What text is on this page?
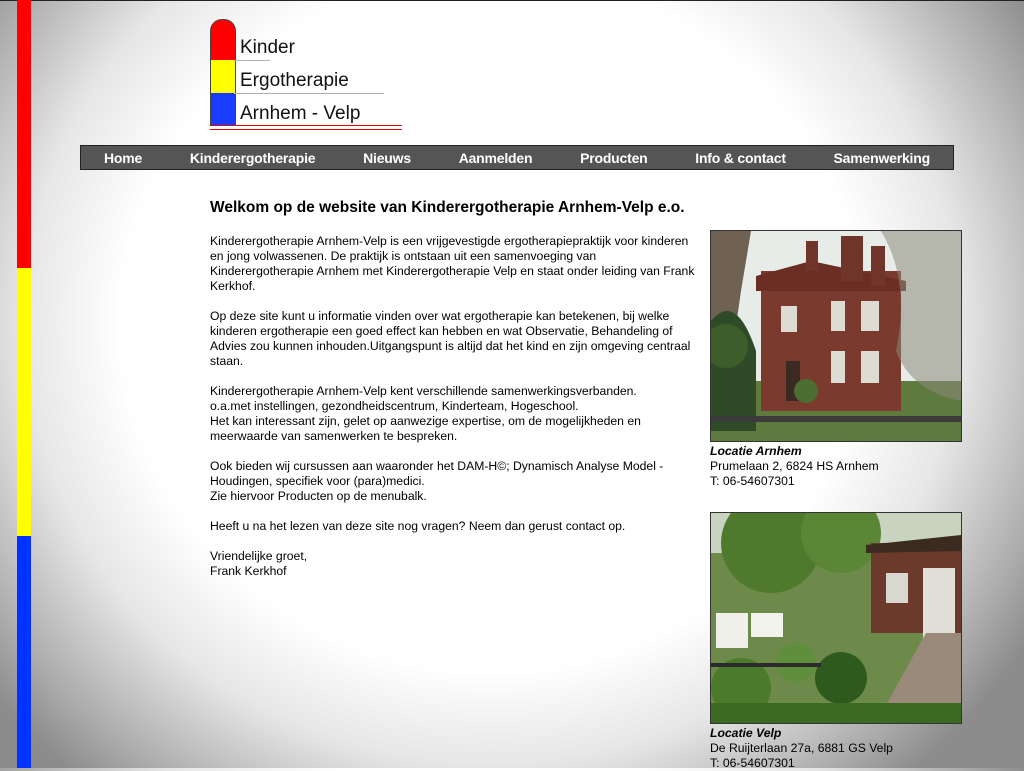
Kinder
Ergotherapie
Arnhem - Velp
Home	Kinderergotherapie	Nieuws	Aanmelden	Producten	Info & contact	Samenwerking
Welkom op de website van Kinderergotherapie Arnhem-Velp e.o.

Kinderergotherapie Arnhem-Velp is een vrijgevestigde ergotherapiepraktijk voor kinderen en jong volwassenen. De praktijk is ontstaan uit een samenvoeging van Kinderergotherapie Arnhem met Kinderergotherapie Velp en staat onder leiding van Frank Kerkhof.

Op deze site kunt u informatie vinden over wat ergotherapie kan betekenen, bij welke kinderen ergotherapie een goed effect kan hebben en wat Observatie, Behandeling of Advies zou kunnen inhouden.Uitgangspunt is altijd dat het kind en zijn omgeving centraal staan.

Kinderergotherapie Arnhem-Velp kent verschillende samenwerkingsverbanden.
o.a.met instellingen, gezondheidscentrum, Kinderteam, Hogeschool.
Het kan interessant zijn, gelet op aanwezige expertise, om de mogelijkheden en meerwaarde van samenwerken te bespreken.

Ook bieden wij cursussen aan waaronder het DAM-H©; Dynamisch Analyse Model - Houdingen, specifiek voor (para)medici.
Zie hiervoor Producten op de menubalk.

Heeft u na het lezen van deze site nog vragen? Neem dan gerust contact op.

Vriendelijke groet,
Frank Kerkhof

Locatie Arnhem
Prumelaan 2, 6824 HS Arnhem
T: 06-54607301
Locatie Velp
De Ruijterlaan 27a, 6881 GS Velp
T: 06-54607301
